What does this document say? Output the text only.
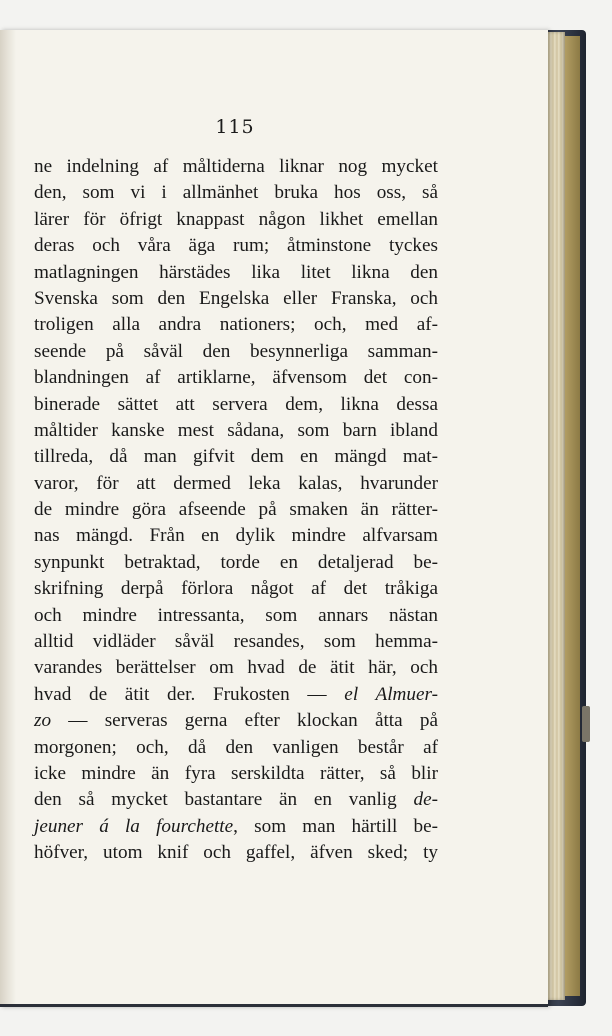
115
ne indelning af måltiderna liknar nog mycket
den, som vi i allmänhet bruka hos oss, så
lärer för öfrigt knappast någon likhet emellan
deras och våra äga rum; åtminstone tyckes
matlagningen härstädes lika litet likna den
Svenska som den Engelska eller Franska, och
troligen alla andra nationers; och, med af-
seende på såväl den besynnerliga samman-
blandningen af artiklarne, äfvensom det con-
binerade sättet att servera dem, likna dessa
måltider kanske mest sådana, som barn ibland
tillreda, då man gifvit dem en mängd mat-
varor, för att dermed leka kalas, hvarunder
de mindre göra afseende på smaken än rätter-
nas mängd. Från en dylik mindre alfvarsam
synpunkt betraktad, torde en detaljerad be-
skrifning derpå förlora något af det tråkiga
och mindre intressanta, som annars nästan
alltid vidläder såväl resandes, som hemma-
varandes berättelser om hvad de ätit här, och
hvad de ätit der. Frukosten — el Almuer-
zo — serveras gerna efter klockan åtta på
morgonen; och, då den vanligen består af
icke mindre än fyra serskildta rätter, så blir
den så mycket bastantare än en vanlig de-
jeuner á la fourchette, som man härtill be-
höfver, utom knif och gaffel, äfven sked; ty
